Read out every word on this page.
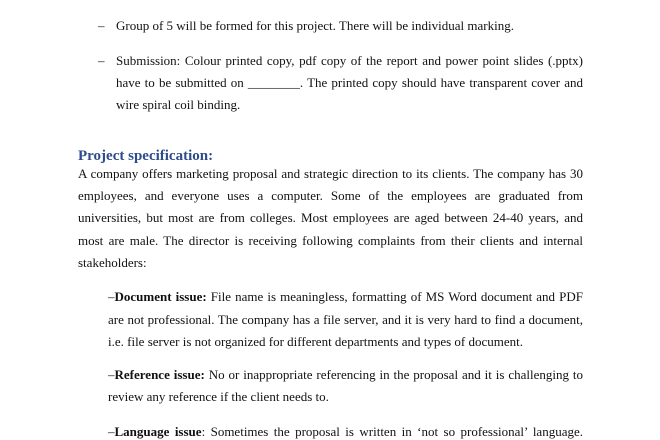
– Group of 5 will be formed for this project. There will be individual marking.
– Submission: Colour printed copy, pdf copy of the report and power point slides (.pptx)
have to be submitted on ________. The printed copy should have transparent cover and
wire spiral coil binding.
Project specification:
A company offers marketing proposal and strategic direction to its clients. The company has 30
employees, and everyone uses a computer. Some of the employees are graduated from
universities, but most are from colleges. Most employees are aged between 24-40 years, and
most are male. The director is receiving following complaints from their clients and internal
stakeholders:
–Document issue: File name is meaningless, formatting of MS Word document and PDF
are not professional. The company has a file server, and it is very hard to find a document,
i.e. file server is not organized for different departments and types of document.
–Reference issue: No or inappropriate referencing in the proposal and it is challenging to
review any reference if the client needs to.
–Language issue: Sometimes the proposal is written in ‘not so professional’ language.
